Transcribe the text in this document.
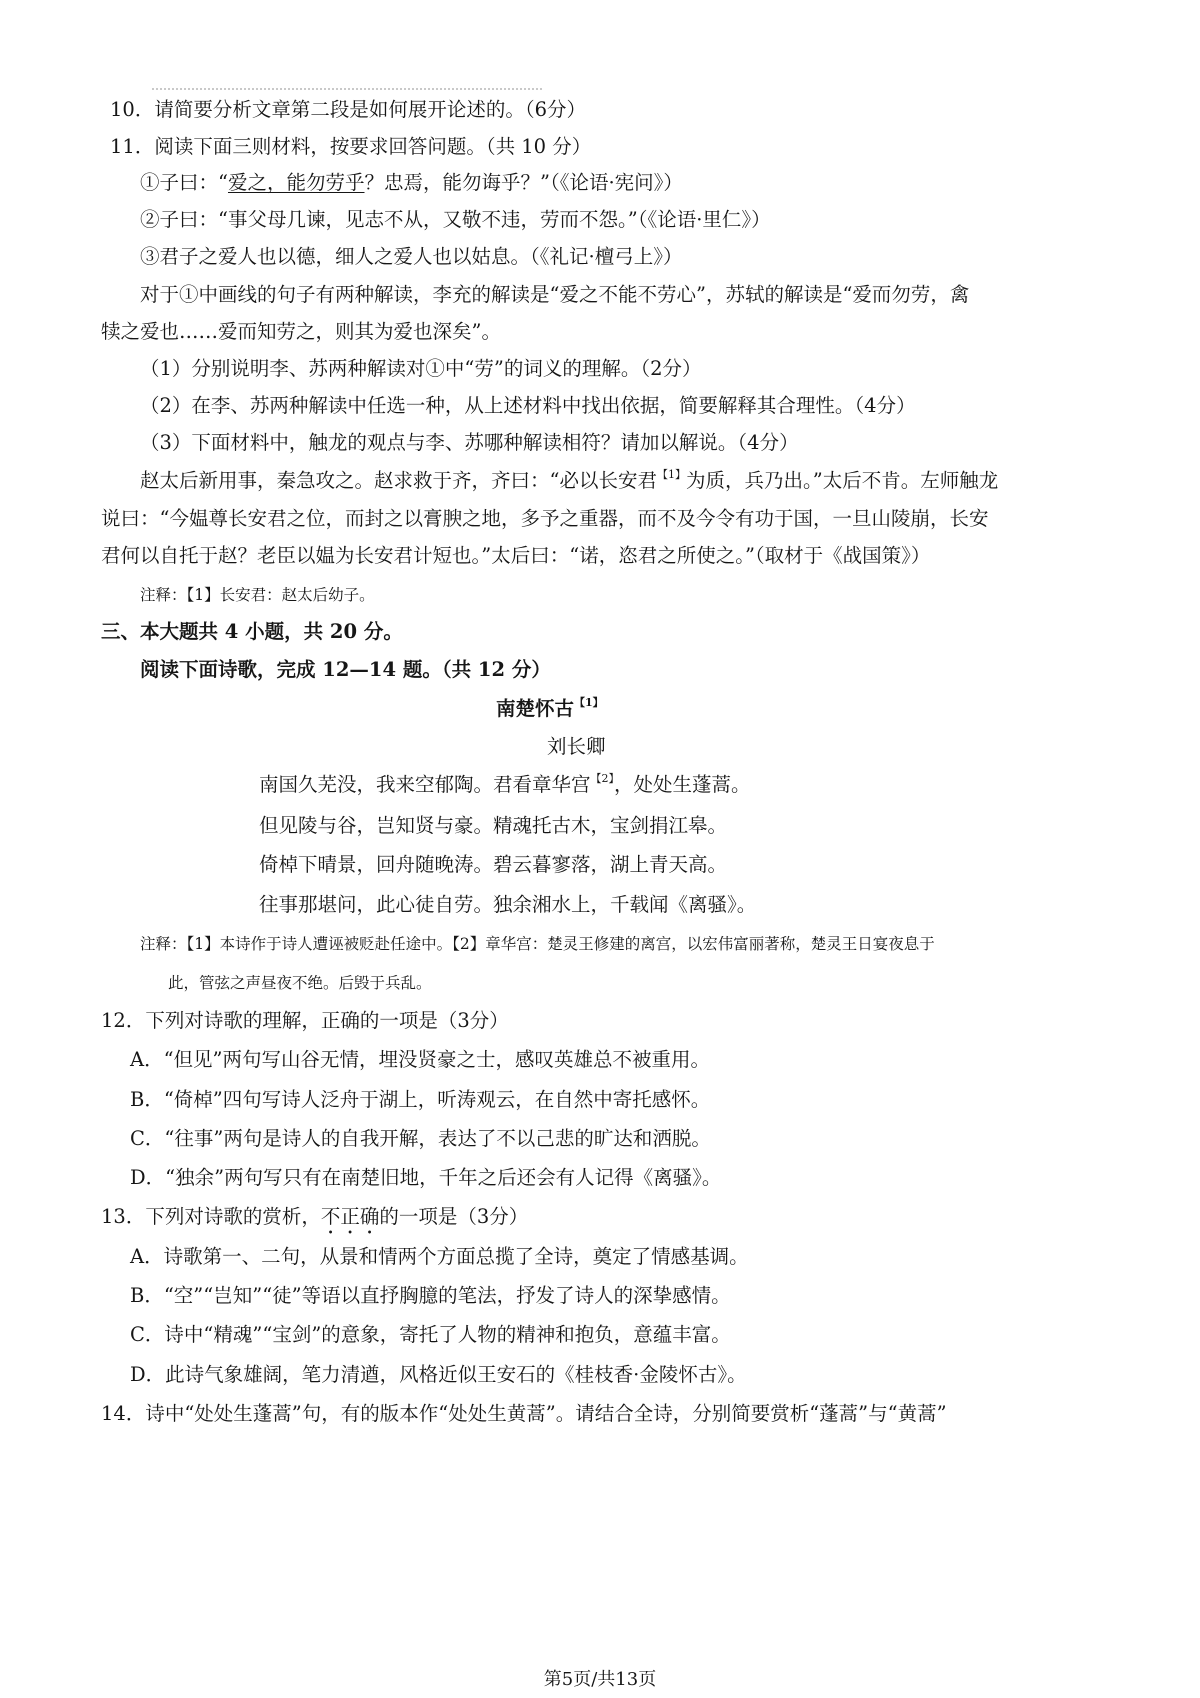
10．请简要分析文章第二段是如何展开论述的。（6分）
11．阅读下面三则材料，按要求回答问题。（共 10 分）
①子曰：“爱之，能勿劳乎？忠焉，能勿诲乎？”（《论语·宪问》）
②子曰：“事父母几谏，见志不从，又敬不违，劳而不怨。”（《论语·里仁》）
③君子之爱人也以德，细人之爱人也以姑息。（《礼记·檀弓上》）
对于①中画线的句子有两种解读，李充的解读是“爱之不能不劳心”，苏轼的解读是“爱而勿劳，禽
犊之爱也……爱而知劳之，则其为爱也深矣”。
（1）分别说明李、苏两种解读对①中“劳”的词义的理解。（2分）
（2）在李、苏两种解读中任选一种，从上述材料中找出依据，简要解释其合理性。（4分）
（3）下面材料中，触龙的观点与李、苏哪种解读相符？请加以解说。（4分）
赵太后新用事，秦急攻之。赵求救于齐，齐曰：“必以长安君$^{【1】}$为质，兵乃出。”太后不肯。左师触龙
说曰：“今媪尊长安君之位，而封之以膏腴之地，多予之重器，而不及今令有功于国，一旦山陵崩，长安
君何以自托于赵？老臣以媪为长安君计短也。”太后曰：“诺，恣君之所使之。”（取材于《战国策》）
注释：【1】长安君：赵太后幼子。
三、本大题共 4 小题，共 20 分。
阅读下面诗歌，完成 12—14 题。（共 12 分）
南楚怀古$^{【1】}$
刘长卿
南国久芜没，我来空郁陶。君看章华宫$^{【2】}$，处处生蓬蒿。
但见陵与谷，岂知贤与豪。精魂托古木，宝剑捐江皋。
倚棹下晴景，回舟随晚涛。碧云暮寥落，湖上青天高。
往事那堪问，此心徒自劳。独余湘水上，千载闻《离骚》。
注释：【1】本诗作于诗人遭诬被贬赴任途中。【2】章华宫：楚灵王修建的离宫，以宏伟富丽著称，楚灵王日宴夜息于
此，管弦之声昼夜不绝。后毁于兵乱。
12．下列对诗歌的理解，正确的一项是（3分）
A．“但见”两句写山谷无情，埋没贤豪之士，感叹英雄总不被重用。
B．“倚棹”四句写诗人泛舟于湖上，听涛观云，在自然中寄托感怀。
C．“往事”两句是诗人的自我开解，表达了不以己悲的旷达和洒脱。
D．“独余”两句写只有在南楚旧地，千年之后还会有人记得《离骚》。
13．下列对诗歌的赏析，不正确的一项是（3分）
A．诗歌第一、二句，从景和情两个方面总揽了全诗，奠定了情感基调。
B．“空”“岂知”“徒”等语以直抒胸臆的笔法，抒发了诗人的深挚感情。
C．诗中“精魂”“宝剑”的意象，寄托了人物的精神和抱负，意蕴丰富。
D．此诗气象雄阔，笔力清遒，风格近似王安石的《桂枝香·金陵怀古》。
14．诗中“处处生蓬蒿”句，有的版本作“处处生黄蒿”。请结合全诗，分别简要赏析“蓬蒿”与“黄蒿”
第5页/共13页
